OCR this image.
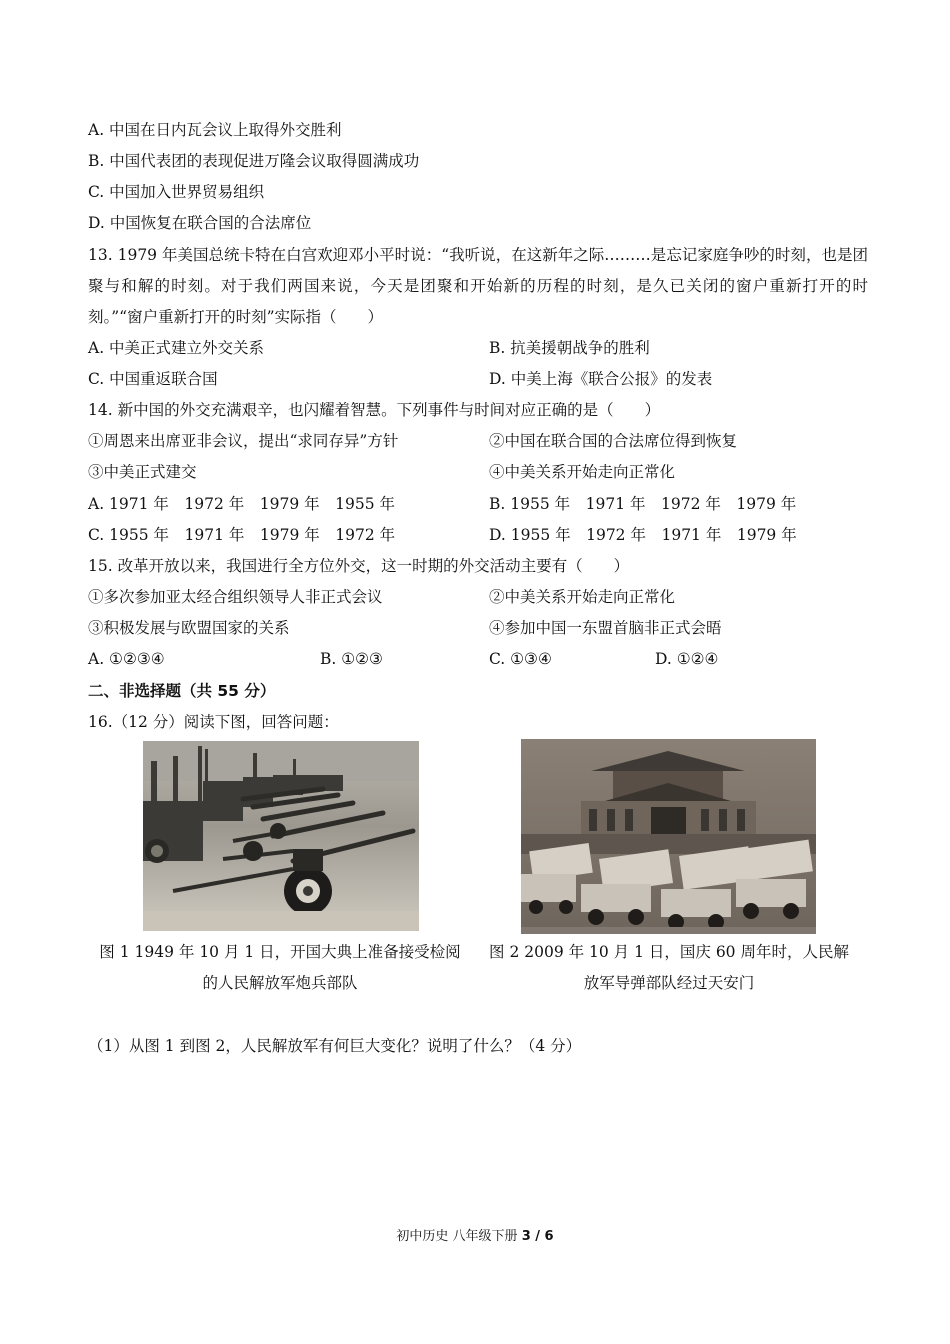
A. 中国在日内瓦会议上取得外交胜利
B. 中国代表团的表现促进万隆会议取得圆满成功
C. 中国加入世界贸易组织
D. 中国恢复在联合国的合法席位
13. 1979 年美国总统卡特在白宫欢迎邓小平时说：“我听说，在这新年之际………是忘记家庭争吵的时刻，也是团聚与和解的时刻。对于我们两国来说，今天是团聚和开始新的历程的时刻，是久已关闭的窗户重新打开的时刻。”“窗户重新打开的时刻”实际指（　　）
A. 中美正式建立外交关系	B. 抗美援朝战争的胜利
C. 中国重返联合国	D. 中美上海《联合公报》的发表
14. 新中国的外交充满艰辛，也闪耀着智慧。下列事件与时间对应正确的是（　　）
①周恩来出席亚非会议，提出“求同存异”方针	②中国在联合国的合法席位得到恢复
③中美正式建交	④中美关系开始走向正常化
A. 1971 年　1972 年　1979 年　1955 年	B. 1955 年　1971 年　1972 年　1979 年
C. 1955 年　1971 年　1979 年　1972 年	D. 1955 年　1972 年　1971 年　1979 年
15. 改革开放以来，我国进行全方位外交，这一时期的外交活动主要有（　　）
①多次参加亚太经合组织领导人非正式会议	②中美关系开始走向正常化
③积极发展与欧盟国家的关系	④参加中国一东盟首脑非正式会晤
A. ①②③④	B. ①②③	C. ①③④	D. ①②④
二、非选择题（共 55 分）
16.（12 分）阅读下图，回答问题：
图 1 1949 年 10 月 1 日，开国大典上准备接受检阅的人民解放军炮兵部队
图 2 2009 年 10 月 1 日，国庆 60 周年时，人民解放军导弹部队经过天安门
（1）从图 1 到图 2，人民解放军有何巨大变化？说明了什么？（4 分）
初中历史 八年级下册 3 / 6
